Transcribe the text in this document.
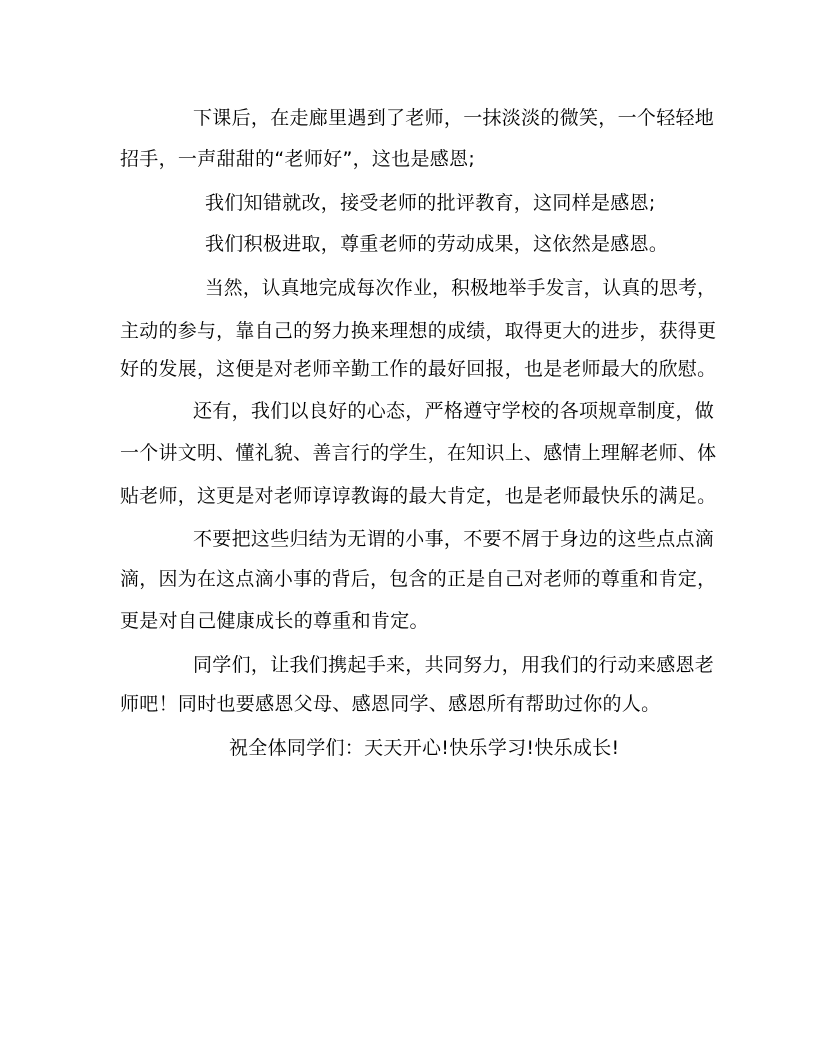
下课后，在走廊里遇到了老师，一抹淡淡的微笑，一个轻轻地
招手，一声甜甜的“老师好”，这也是感恩;
我们知错就改，接受老师的批评教育，这同样是感恩;
我们积极进取，尊重老师的劳动成果，这依然是感恩。
当然，认真地完成每次作业，积极地举手发言，认真的思考，
主动的参与，靠自己的努力换来理想的成绩，取得更大的进步，获得更
好的发展，这便是对老师辛勤工作的最好回报，也是老师最大的欣慰。
还有，我们以良好的心态，严格遵守学校的各项规章制度，做
一个讲文明、懂礼貌、善言行的学生，在知识上、感情上理解老师、体
贴老师，这更是对老师谆谆教诲的最大肯定，也是老师最快乐的满足。
不要把这些归结为无谓的小事，不要不屑于身边的这些点点滴
滴，因为在这点滴小事的背后，包含的正是自己对老师的尊重和肯定，
更是对自己健康成长的尊重和肯定。
同学们，让我们携起手来，共同努力，用我们的行动来感恩老
师吧！同时也要感恩父母、感恩同学、感恩所有帮助过你的人。
祝全体同学们：天天开心!快乐学习!快乐成长!
